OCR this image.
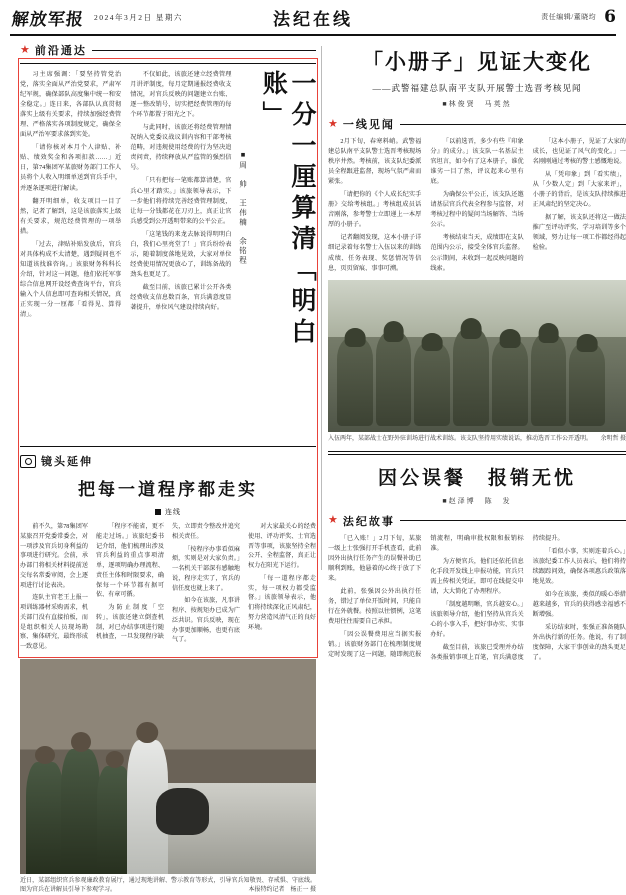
解放军报 2024年3月2日 星期六	法纪在线	责任编辑/董晓均 6
★ 前沿通达
一分一厘算清「明白账」
■周　帅　王伟楠　余铭程

习主席强调：「要坚持管党治党，落实全面从严治党要求，严肃军纪军规，确保部队高度集中统一和安全稳定。」连日来，各部队认真贯彻落实上级有关要求，持续加强经费管理、严格落实各项制度规定，确保全面从严治军要求落到实处。

「请你核对本月个人津贴、补贴、绩效奖金和各项扣款……」近日，第74集团军某旅财务部门工作人员将个人收入明细单送到官兵手中，并逐条逐项进行解读。

翻开明细单，收支项目一目了然，记者了解到，这是该旅落实上级有关要求，规范经费管理的一项举措。

「过去，津贴补贴发放后，官兵对具体构成不太清楚，遇到疑问也不知道该找谁咨询。」该旅财务科科长介绍，针对这一问题，他们依托军事综合信息网开设经费查询平台，官兵输入个人信息即可查询相关情况，真正实现一分一厘都「看得见、算得清」。

不仅如此，该旅还建立经费管理月讲评制度，每月定期通报经费收支情况，对官兵反映的问题建立台账、逐一整改销号，切实把经费管理的每个环节都置于阳光之下。

与此同时，该旅还将经费管理情况纳入党委议战议训内容和干部考核范畴，对违规使用经费的行为坚决追责问责，持续释放从严监管的强烈信号。

「只有把每一笔账都算清楚，官兵心里才踏实。」该旅领导表示，下一步他们将持续完善经费管理制度，让每一分钱都花在刀刃上，真正让官兵感受到公开透明带来的公平公正。

「这笔钱的来龙去脉说得明明白白，我们心里亮堂了！」官兵纷纷表示，随着制度落地见效，大家对单位经费使用情况更放心了，训练备战的劲头也更足了。

截至目前，该旅已累计公开各类经费收支信息数百条，官兵满意度显著提升，单位风气建设持续向好。

镜头延伸
把每一道程序都走实
连线

前不久，第78集团军某旅召开党委常委会，对一项涉及官兵切身利益的事项进行研究。会前，承办部门将相关材料提前送交每名常委审阅，会上逐项进行讨论表决。

连队主官老王上报一项训练器材采购需求，机关部门没有直接拍板，而是组织相关人员现场勘察、集体研究，最终形成一致意见。

「程序不能省，更不能走过场。」该旅纪委书记介绍，他们梳理出涉及官兵利益的重点事项清单，逐项明确办理流程、责任主体和时限要求，确保每一个环节都有据可依、有章可循。

为防止制度「空转」，该旅还建立倒查机制，对已办结事项进行随机抽查，一旦发现程序缺失，立即责令整改并追究相关责任。

「按程序办事看似麻烦，实则是对大家负责。」一名机关干部深有感触地说，程序走实了，官兵的信任度也就上来了。

如今在该旅，凡事讲程序、按规矩办已成为广泛共识。官兵反映，现在办事更加顺畅，也更有底气了。

对大家最关心的经费使用、评功评奖、士官选晋等事项，该旅坚持全程公开、全程监督，真正让权力在阳光下运行。

「每一道程序都走实，每一项权力都受监督。」该旅领导表示，他们将持续深化正风肃纪，努力营造风清气正的良好环境。

近日，某部组织官兵参观廉政教育展厅，通过现地讲解、警示教育等形式，引导官兵知敬畏、存戒惧、守底线。图为官兵在讲解员引导下参观学习。	本报特约记者　杨正一 摄
「小册子」见证大变化
——武警福建总队南平支队开展警士选晋考核见闻
■林俊贤　马英然
★ 一线见闻

2月下旬，春寒料峭。武警福建总队南平支队警士选晋考核现场秩序井然。考核前，该支队纪委派员全程跟进监督，现场气氛严肃而紧张。

「请把你的《个人成长纪实手册》交给考核组。」考核组成员话音刚落，参考警士立即递上一本厚厚的小册子。

记者翻阅发现，这本小册子详细记录着每名警士入伍以来的训练成绩、任务表现、奖惩情况等信息，页页留痕、事事可溯。

「以前选晋，多少有些『印象分』的成分。」该支队一名基层主官坦言，如今有了这本册子，谁优谁劣一目了然，评议起来心里有底。

为确保公平公正，该支队还邀请基层官兵代表全程参与监督，对考核过程中的疑问当场解答、当场公示。

考核结束当天，成绩即在支队范围内公示，接受全体官兵监督。公示期间，未收到一起反映问题的线索。

「这本小册子，见证了大家的成长，也见证了风气的变化。」一名刚刚通过考核的警士感慨地说。

从「凭印象」到「看实绩」，从「少数人定」到「大家来评」，小册子的背后，是该支队持续推进正风肃纪的坚定决心。

据了解，该支队还将这一做法推广至评功评奖、学习培训等多个领域，努力让每一项工作都经得起检验。

入伍两年，某部战士在野外驻训场进行战术训练。该支队坚持用实绩说话，推动选晋工作公开透明。 余明哲 摄
因公误餐　报销无忧
■赵泽博　陈　发
★ 法纪故事

「已入账！」2月下旬，某旅一级上士张强打开手机查看，此前因外出执行任务产生的误餐补助已顺利到账，他悬着的心终于放了下来。

此前，张强因公外出执行任务，错过了单位开饭时间，只能自行在外就餐。按照以往惯例，这笔费用往往需要自己承担。

「因公误餐费用应当据实报销。」该旅财务部门在梳理制度规定时发现了这一问题，随即规范报销流程，明确审批权限和报销标准。

为方便官兵，他们还依托信息化手段开发线上申报功能，官兵只需上传相关凭证，即可在线提交申请，大大简化了办理程序。

「制度越明晰，官兵越安心。」该旅领导介绍，他们坚持从官兵关心的小事入手，把好事办实、实事办好。

截至目前，该旅已受理并办结各类报销事项上百笔，官兵满意度持续提升。

「看似小事，实则连着兵心。」该旅纪委工作人员表示，他们将持续跟踪问效，确保各项惠兵政策落地见效。

如今在该旅，类似的暖心举措越来越多，官兵的获得感幸福感不断增强。

采访结束时，张强正准备随队外出执行新的任务。他说，有了制度保障，大家干事创业的劲头更足了。
